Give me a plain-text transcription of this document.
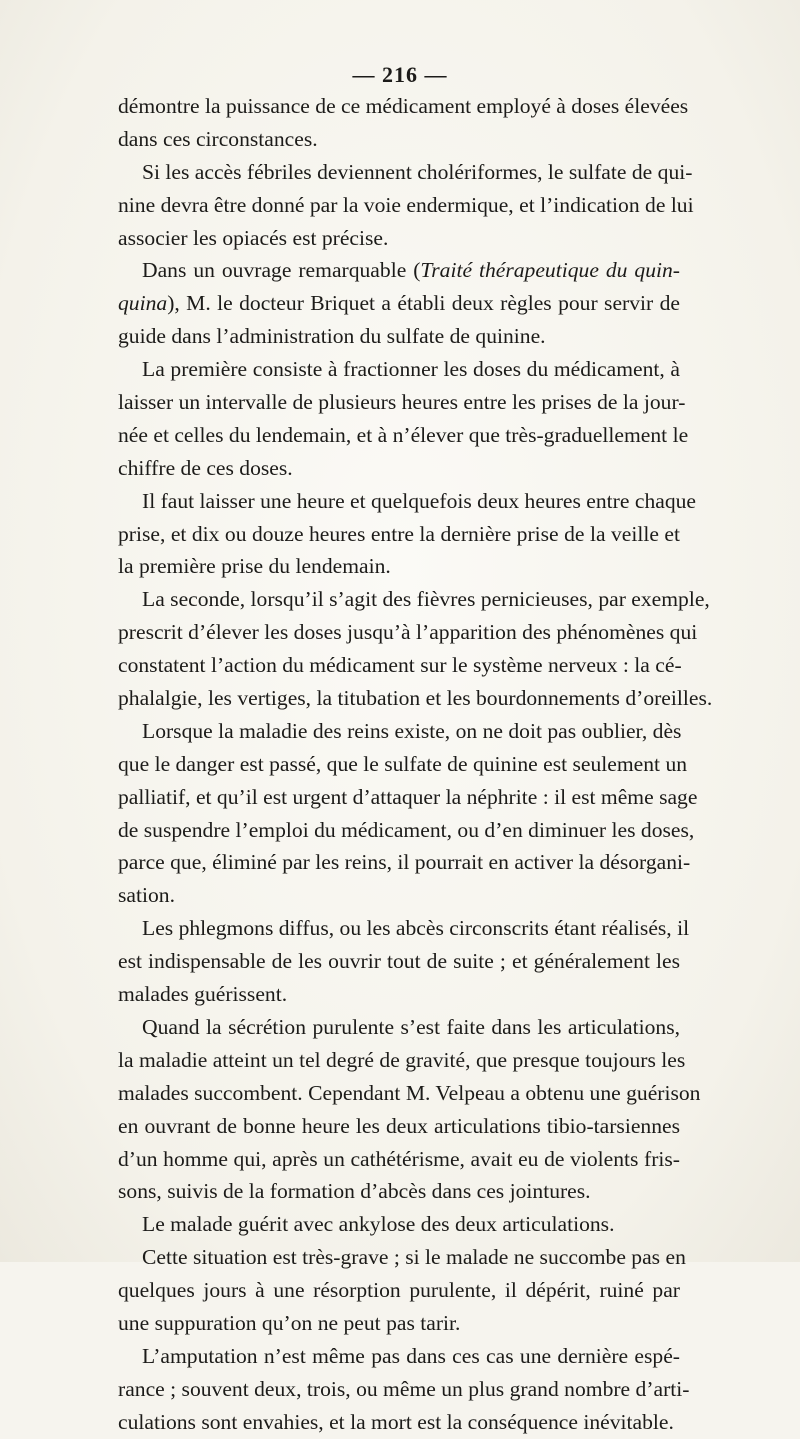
— 216 —
démontre la puissance de ce médicament employé à doses élevées
dans ces circonstances.
Si les accès fébriles deviennent cholériformes, le sulfate de qui-
nine devra être donné par la voie endermique, et l’indication de lui
associer les opiacés est précise.
Dans un ouvrage remarquable (Traité thérapeutique du quin-
quina), M. le docteur Briquet a établi deux règles pour servir de
guide dans l’administration du sulfate de quinine.
La première consiste à fractionner les doses du médicament, à
laisser un intervalle de plusieurs heures entre les prises de la jour-
née et celles du lendemain, et à n’élever que très-graduellement le
chiffre de ces doses.
Il faut laisser une heure et quelquefois deux heures entre chaque
prise, et dix ou douze heures entre la dernière prise de la veille et
la première prise du lendemain.
La seconde, lorsqu’il s’agit des fièvres pernicieuses, par exemple,
prescrit d’élever les doses jusqu’à l’apparition des phénomènes qui
constatent l’action du médicament sur le système nerveux : la cé-
phalalgie, les vertiges, la titubation et les bourdonnements d’oreilles.
Lorsque la maladie des reins existe, on ne doit pas oublier, dès
que le danger est passé, que le sulfate de quinine est seulement un
palliatif, et qu’il est urgent d’attaquer la néphrite : il est même sage
de suspendre l’emploi du médicament, ou d’en diminuer les doses,
parce que, éliminé par les reins, il pourrait en activer la désorgani-
sation.
Les phlegmons diffus, ou les abcès circonscrits étant réalisés, il
est indispensable de les ouvrir tout de suite ; et généralement les
malades guérissent.
Quand la sécrétion purulente s’est faite dans les articulations,
la maladie atteint un tel degré de gravité, que presque toujours les
malades succombent. Cependant M. Velpeau a obtenu une guérison
en ouvrant de bonne heure les deux articulations tibio-tarsiennes
d’un homme qui, après un cathétérisme, avait eu de violents fris-
sons, suivis de la formation d’abcès dans ces jointures.
Le malade guérit avec ankylose des deux articulations.
Cette situation est très-grave ; si le malade ne succombe pas en
quelques jours à une résorption purulente, il dépérit, ruiné par
une suppuration qu’on ne peut pas tarir.
L’amputation n’est même pas dans ces cas une dernière espé-
rance ; souvent deux, trois, ou même un plus grand nombre d’arti-
culations sont envahies, et la mort est la conséquence inévitable.
